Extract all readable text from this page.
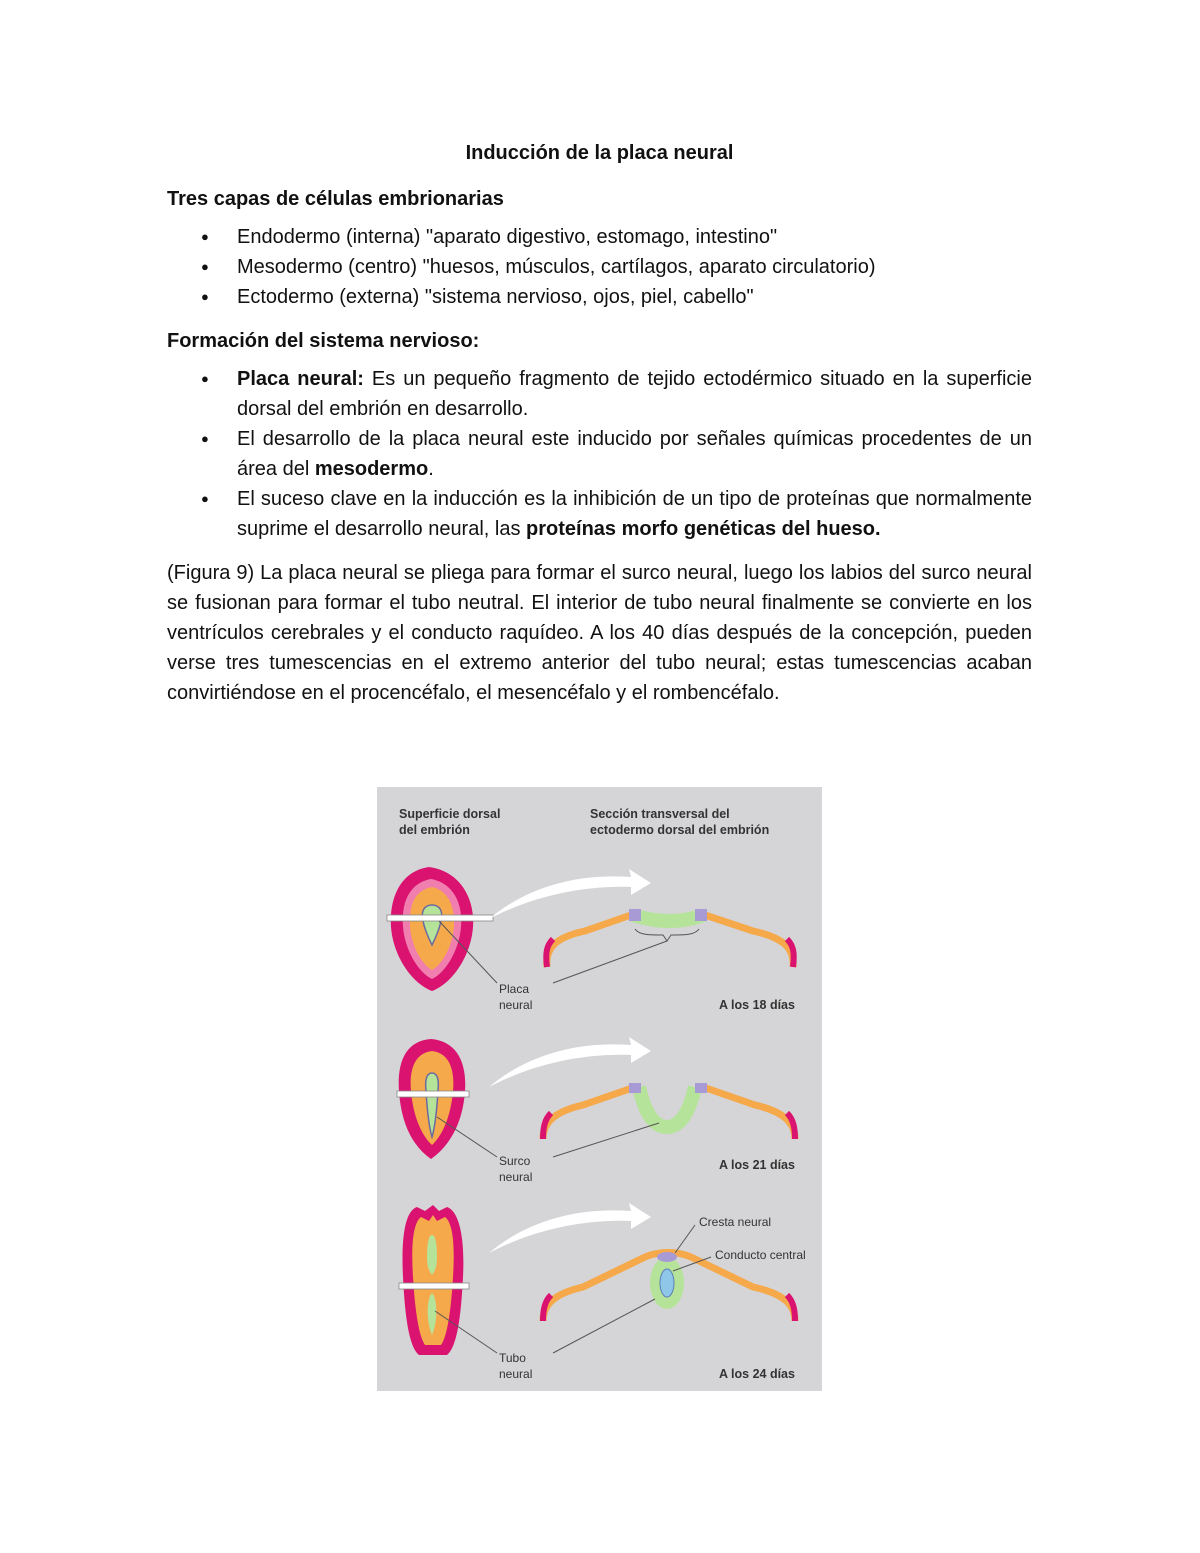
Inducción de la placa neural

Tres capas de células embrionarias

● Endodermo (interna) "aparato digestivo, estomago, intestino"
● Mesodermo (centro) "huesos, músculos, cartílagos, aparato circulatorio)
● Ectodermo (externa) "sistema nervioso, ojos, piel, cabello"

Formación del sistema nervioso:

● Placa neural: Es un pequeño fragmento de tejido ectodérmico situado en la superficie dorsal del embrión en desarrollo.
● El desarrollo de la placa neural este inducido por señales químicas procedentes de un área del mesodermo.
● El suceso clave en la inducción es la inhibición de un tipo de proteínas que normalmente suprime el desarrollo neural, las proteínas morfo genéticas del hueso.

(Figura 9) La placa neural se pliega para formar el surco neural, luego los labios del surco neural se fusionan para formar el tubo neutral. El interior de tubo neural finalmente se convierte en los ventrículos cerebrales y el conducto raquídeo. A los 40 días después de la concepción, pueden verse tres tumescencias en el extremo anterior del tubo neural; estas tumescencias acaban convirtiéndose en el procencéfalo, el mesencéfalo y el rombencéfalo.

Superficie dorsal
del embrión
Sección transversal del
ectodermo dorsal del embrión
Placa
neural	A los 18 días
Surco
neural
A los 21 días
Cresta neural
Conducto central
Tubo
neural	A los 24 días
